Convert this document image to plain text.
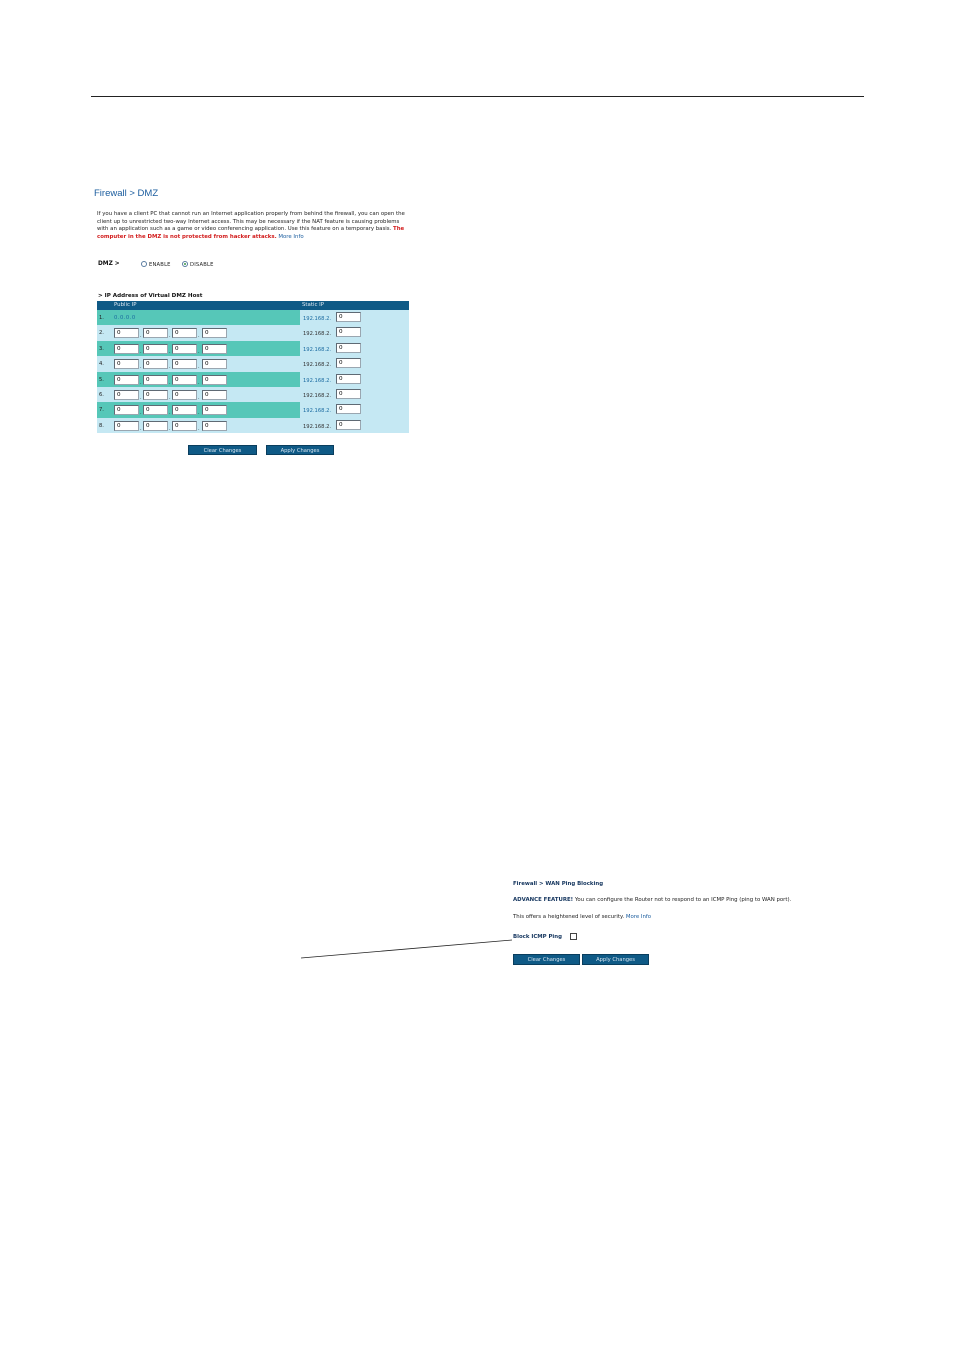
Firewall > DMZ
If you have a client PC that cannot run an Internet application properly from behind the firewall, you can open the client up to unrestricted two-way Internet access. This may be necessary if the NAT feature is causing problems with an application such as a game or video conferencing application. Use this feature on a temporary basis. The computer in the DMZ is not protected from hacker attacks. More Info
DMZ >	ENABLE	DISABLE
> IP Address of Virtual DMZ Host
Public IP	Static IP
1. 0.0.0.0	192.168.2.	0
2.	0	. 0	. 0	. 0	192.168.2.	0
3.	0	. 0	. 0	. 0	192.168.2.	0
4.	0	. 0	. 0	. 0	192.168.2.	0
5.	0	. 0	. 0	. 0	192.168.2.	0
6.	0	. 0	. 0	. 0	192.168.2.	0
7.	0	. 0	. 0	. 0	192.168.2.	0
8.	0	. 0	. 0	. 0	192.168.2.	0
Clear Changes	Apply Changes
Firewall > WAN Ping Blocking
ADVANCE FEATURE! You can configure the Router not to respond to an ICMP Ping (ping to WAN port).
This offers a heightened level of security. More Info
Block ICMP Ping
Clear Changes	Apply Changes
